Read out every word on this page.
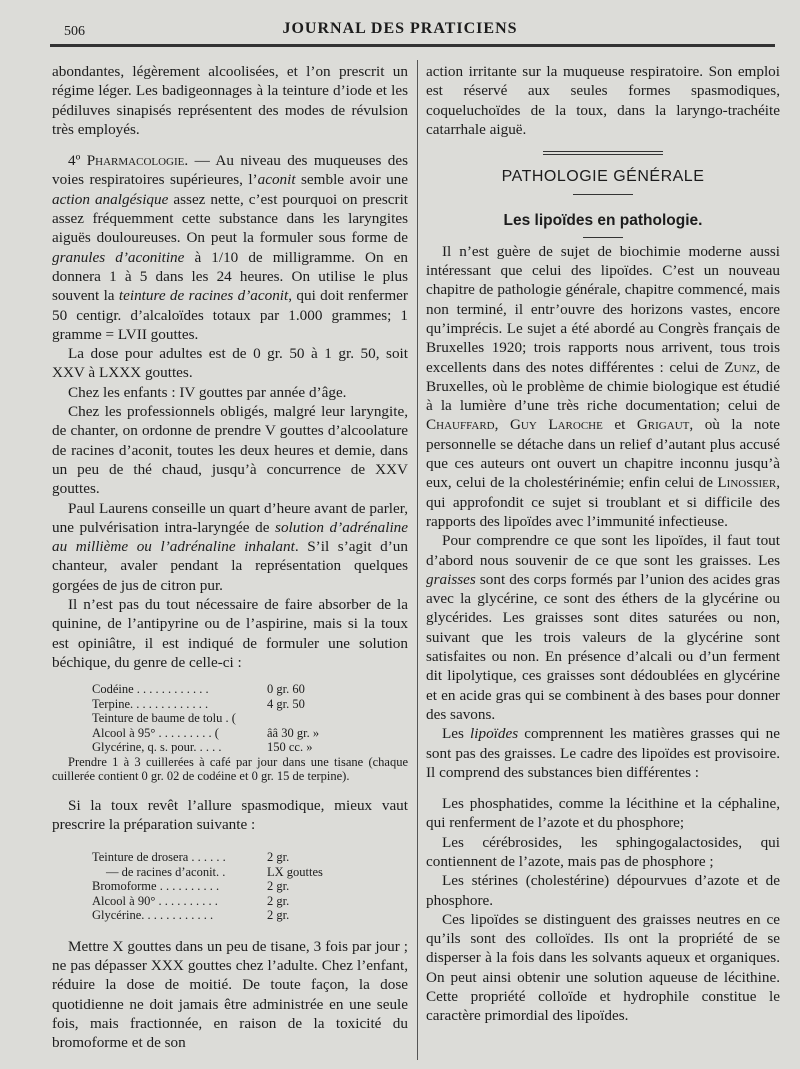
506	JOURNAL DES PRATICIENS

abondantes, légèrement alcoolisées, et l’on prescrit un régime léger. Les badigeonnages à la teinture d’iode et les pédiluves sinapisés représentent des modes de révulsion très employés.

4º Pharmacologie. — Au niveau des muqueuses des voies respiratoires supérieures, l’aconit semble avoir une action analgésique assez nette, c’est pourquoi on prescrit assez fréquemment cette substance dans les laryngites aiguës douloureuses. On peut la formuler sous forme de granules d’aconitine à 1/10 de milligramme. On en donnera 1 à 5 dans les 24 heures. On utilise le plus souvent la teinture de racines d’aconit, qui doit renfermer 50 centigr. d’alcaloïdes totaux par 1.000 grammes; 1 gramme = LVII gouttes.

La dose pour adultes est de 0 gr. 50 à 1 gr. 50, soit XXV à LXXX gouttes.

Chez les enfants : IV gouttes par année d’âge.

Chez les professionnels obligés, malgré leur laryngite, de chanter, on ordonne de prendre V gouttes d’alcoolature de racines d’aconit, toutes les deux heures et demie, dans un peu de thé chaud, jusqu’à concurrence de XXV gouttes.

Paul Laurens conseille un quart d’heure avant de parler, une pulvérisation intra-laryngée de solution d’adrénaline au millième ou l’adrénaline inhalant. S’il s’agit d’un chanteur, avaler pendant la représentation quelques gorgées de jus de citron pur.

Il n’est pas du tout nécessaire de faire absorber de la quinine, de l’antipyrine ou de l’aspirine, mais si la toux est opiniâtre, il est indiqué de formuler une solution béchique, du genre de celle-ci :

Codéine . . . . . . . . . . . .	0 gr. 60
Terpine. . . . . . . . . . . . .	4 gr. 50
Teinture de baume de tolu . (
Alcool à 95° . . . . . . . . . (	ââ 30 gr. »
Glycérine, q. s. pour. . . . .	150 cc. »

Prendre 1 à 3 cuillerées à café par jour dans une tisane (chaque cuillerée contient 0 gr. 02 de codéine et 0 gr. 15 de terpine).

Si la toux revêt l’allure spasmodique, mieux vaut prescrire la préparation suivante :

Teinture de drosera . . . . . .	2 gr.
— de racines d’aconit. .	LX gouttes
Bromoforme . . . . . . . . . .	2 gr.
Alcool à 90° . . . . . . . . . .	2 gr.
Glycérine. . . . . . . . . . . .	2 gr.

Mettre X gouttes dans un peu de tisane, 3 fois par jour ; ne pas dépasser XXX gouttes chez l’adulte. Chez l’enfant, réduire la dose de moitié. De toute façon, la dose quotidienne ne doit jamais être administrée en une seule fois, mais fractionnée, en raison de la toxicité du bromoforme et de son

action irritante sur la muqueuse respiratoire. Son emploi est réservé aux seules formes spasmodiques, coqueluchoïdes de la toux, dans la laryngo-trachéite catarrhale aiguë.

PATHOLOGIE GÉNÉRALE
Les lipoïdes en pathologie.

Il n’est guère de sujet de biochimie moderne aussi intéressant que celui des lipoïdes. C’est un nouveau chapitre de pathologie générale, chapitre commencé, mais non terminé, il entr’ouvre des horizons vastes, encore qu’imprécis. Le sujet a été abordé au Congrès français de Bruxelles 1920; trois rapports nous arrivent, tous trois excellents dans des notes différentes : celui de Zunz, de Bruxelles, où le problème de chimie biologique est étudié à la lumière d’une très riche documentation; celui de Chauffard, Guy Laroche et Grigaut, où la note personnelle se détache dans un relief d’autant plus accusé que ces auteurs ont ouvert un chapitre inconnu jusqu’à eux, celui de la cholestérinémie; enfin celui de Linossier, qui approfondit ce sujet si troublant et si difficile des rapports des lipoïdes avec l’immunité infectieuse.

Pour comprendre ce que sont les lipoïdes, il faut tout d’abord nous souvenir de ce que sont les graisses. Les graisses sont des corps formés par l’union des acides gras avec la glycérine, ce sont des éthers de la glycérine ou glycérides. Les graisses sont dites saturées ou non, suivant que les trois valeurs de la glycérine sont satisfaites ou non. En présence d’alcali ou d’un ferment dit lipolytique, ces graisses sont dédoublées en glycérine et en acide gras qui se combinent à des bases pour donner des savons.

Les lipoïdes comprennent les matières grasses qui ne sont pas des graisses. Le cadre des lipoïdes est provisoire. Il comprend des substances bien différentes :

Les phosphatides, comme la lécithine et la céphaline, qui renferment de l’azote et du phosphore;

Les cérébrosides, les sphingogalactosides, qui contiennent de l’azote, mais pas de phosphore ;

Les stérines (cholestérine) dépourvues d’azote et de phosphore.

Ces lipoïdes se distinguent des graisses neutres en ce qu’ils sont des colloïdes. Ils ont la propriété de se disperser à la fois dans les solvants aqueux et organiques. On peut ainsi obtenir une solution aqueuse de lécithine. Cette propriété colloïde et hydrophile constitue le caractère primordial des lipoïdes.
